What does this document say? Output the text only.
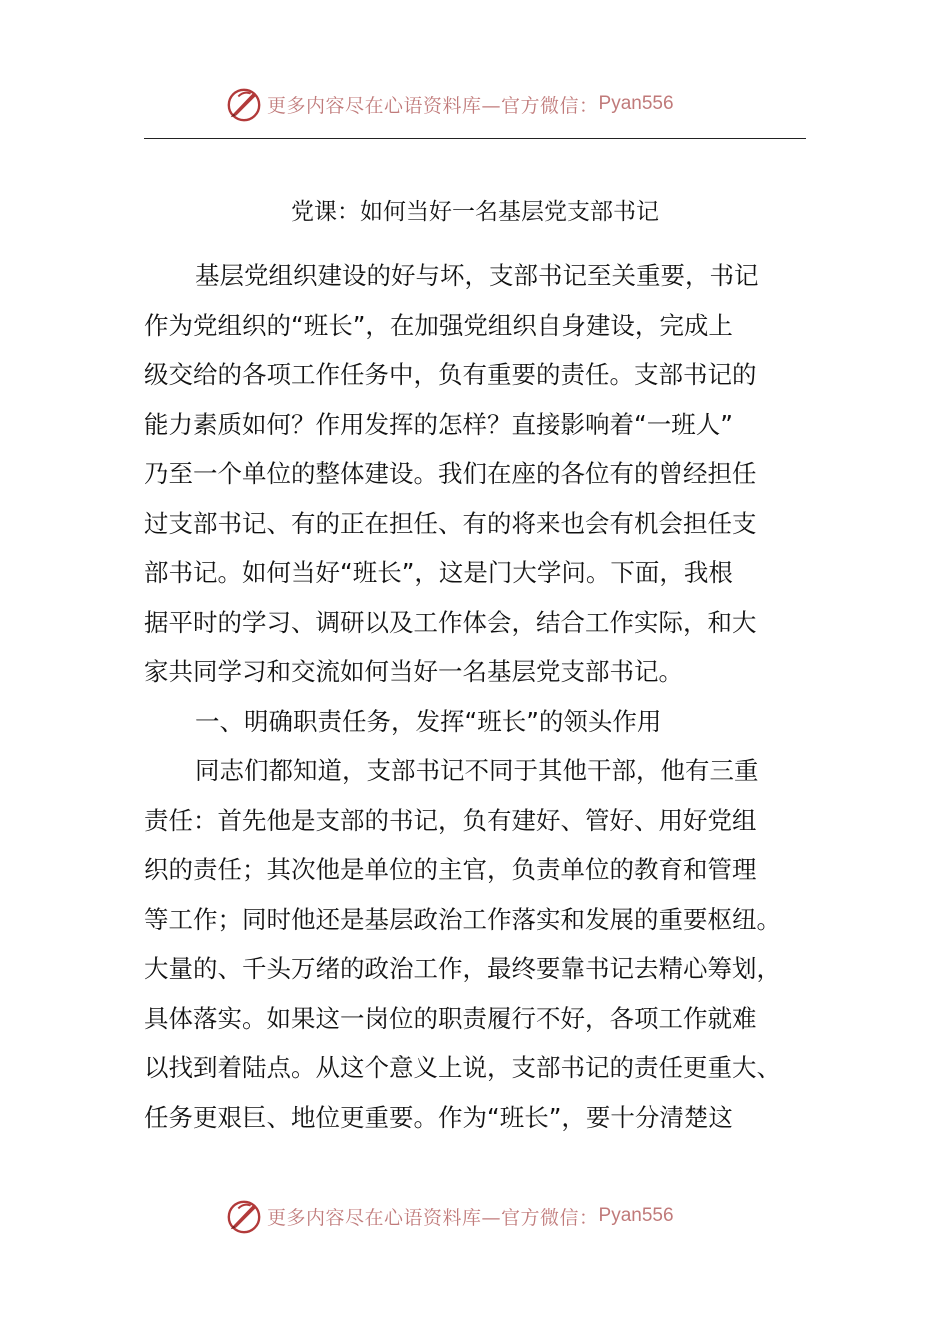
更多内容尽在心语资料库—官方微信： Pyan556
党课：如何当好一名基层党支部书记
基层党组织建设的好与坏，支部书记至关重要，书记
作为党组织的“班长”，在加强党组织自身建设，完成上
级交给的各项工作任务中，负有重要的责任。支部书记的
能力素质如何？作用发挥的怎样？直接影响着“一班人”
乃至一个单位的整体建设。我们在座的各位有的曾经担任
过支部书记、有的正在担任、有的将来也会有机会担任支
部书记。如何当好“班长”，这是门大学问。下面，我根
据平时的学习、调研以及工作体会，结合工作实际，和大
家共同学习和交流如何当好一名基层党支部书记。
一、明确职责任务，发挥“班长”的领头作用
同志们都知道，支部书记不同于其他干部，他有三重
责任：首先他是支部的书记，负有建好、管好、用好党组
织的责任；其次他是单位的主官，负责单位的教育和管理
等工作；同时他还是基层政治工作落实和发展的重要枢纽。
大量的、千头万绪的政治工作，最终要靠书记去精心筹划，
具体落实。如果这一岗位的职责履行不好，各项工作就难
以找到着陆点。从这个意义上说，支部书记的责任更重大、
任务更艰巨、地位更重要。作为“班长”，要十分清楚这
更多内容尽在心语资料库—官方微信： Pyan556
